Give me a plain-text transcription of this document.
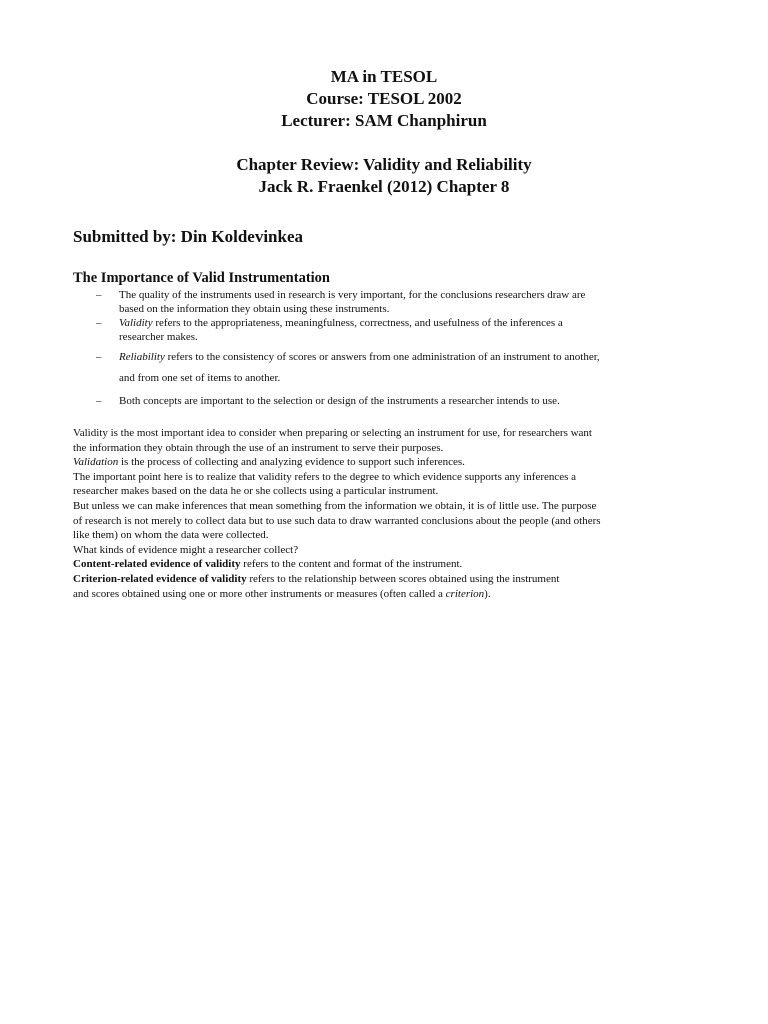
MA in TESOL
Course: TESOL 2002
Lecturer: SAM Chanphirun
Chapter Review: Validity and Reliability
Jack R. Fraenkel (2012) Chapter 8
Submitted by: Din Koldevinkea
The Importance of Valid Instrumentation
– The quality of the instruments used in research is very important, for the conclusions researchers draw are
based on the information they obtain using these instruments.
– Validity refers to the appropriateness, meaningfulness, correctness, and usefulness of the inferences a
researcher makes.
– Reliability refers to the consistency of scores or answers from one administration of an instrument to another,
and from one set of items to another.
– Both concepts are important to the selection or design of the instruments a researcher intends to use.

Validity is the most important idea to consider when preparing or selecting an instrument for use, for researchers want

the information they obtain through the use of an instrument to serve their purposes.

Validation is the process of collecting and analyzing evidence to support such inferences.

The important point here is to realize that validity refers to the degree to which evidence supports any inferences a

researcher makes based on the data he or she collects using a particular instrument.

But unless we can make inferences that mean something from the information we obtain, it is of little use. The purpose

of research is not merely to collect data but to use such data to draw warranted conclusions about the people (and others

like them) on whom the data were collected.

What kinds of evidence might a researcher collect?

Content-related evidence of validity refers to the content and format of the instrument.

Criterion-related evidence of validity refers to the relationship between scores obtained using the instrument

and scores obtained using one or more other instruments or measures (often called a criterion).
